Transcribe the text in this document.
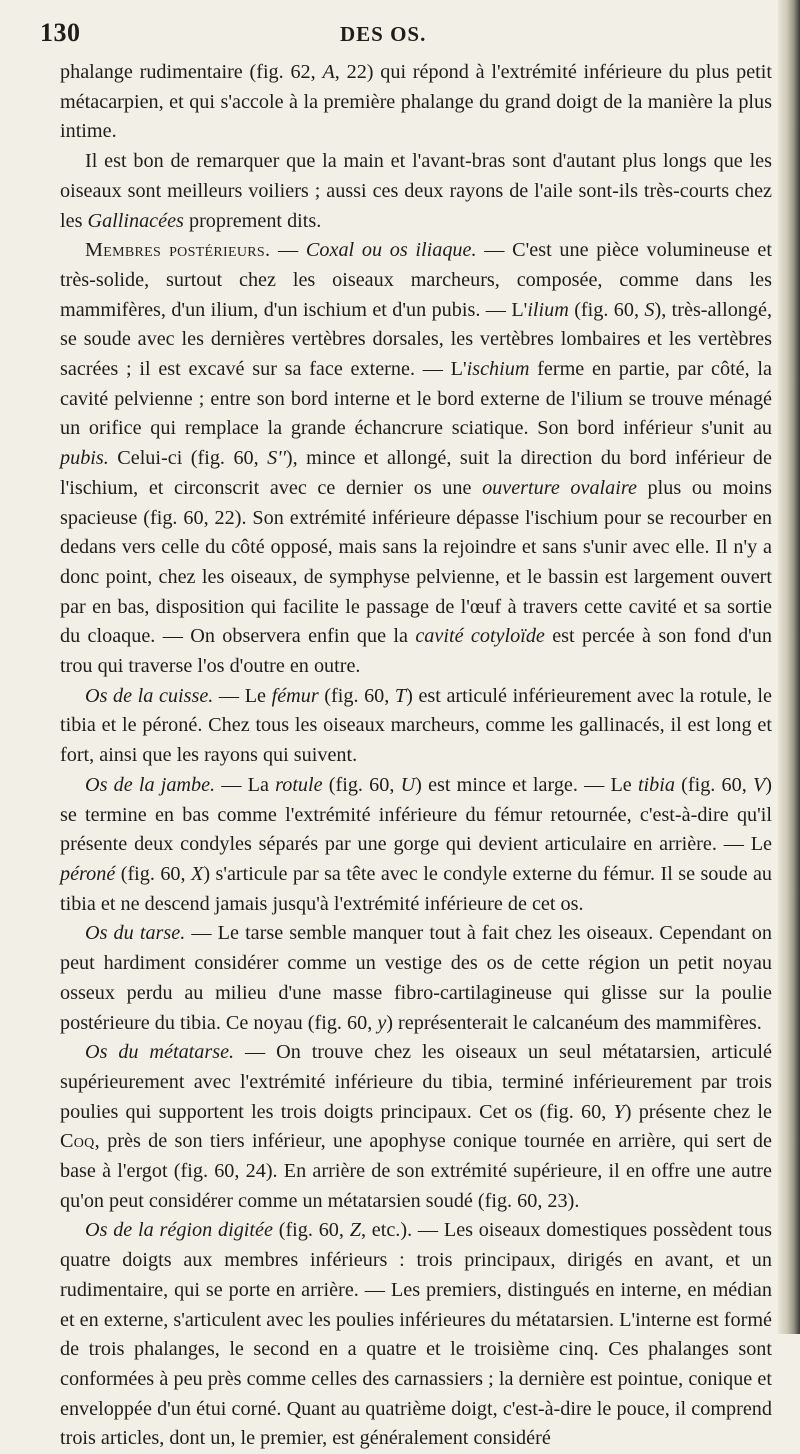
130	DES OS.

phalange rudimentaire (fig. 62, A, 22) qui répond à l'extrémité inférieure du plus petit métacarpien, et qui s'accole à la première phalange du grand doigt de la manière la plus intime.

Il est bon de remarquer que la main et l'avant-bras sont d'autant plus longs que les oiseaux sont meilleurs voiliers ; aussi ces deux rayons de l'aile sont-ils très-courts chez les Gallinacées proprement dits.

Membres postérieurs. — Coxal ou os iliaque. — C'est une pièce volumineuse et très-solide, surtout chez les oiseaux marcheurs, composée, comme dans les mammifères, d'un ilium, d'un ischium et d'un pubis. — L'ilium (fig. 60, S), très-allongé, se soude avec les dernières vertèbres dorsales, les vertèbres lombaires et les vertèbres sacrées ; il est excavé sur sa face externe. — L'ischium ferme en partie, par côté, la cavité pelvienne ; entre son bord interne et le bord externe de l'ilium se trouve ménagé un orifice qui remplace la grande échancrure sciatique. Son bord inférieur s'unit au pubis. Celui-ci (fig. 60, S''), mince et allongé, suit la direction du bord inférieur de l'ischium, et circonscrit avec ce dernier os une ouverture ovalaire plus ou moins spacieuse (fig. 60, 22). Son extrémité inférieure dépasse l'ischium pour se recourber en dedans vers celle du côté opposé, mais sans la rejoindre et sans s'unir avec elle. Il n'y a donc point, chez les oiseaux, de symphyse pelvienne, et le bassin est largement ouvert par en bas, disposition qui facilite le passage de l'œuf à travers cette cavité et sa sortie du cloaque. — On observera enfin que la cavité cotyloïde est percée à son fond d'un trou qui traverse l'os d'outre en outre.

Os de la cuisse. — Le fémur (fig. 60, T) est articulé inférieurement avec la rotule, le tibia et le péroné. Chez tous les oiseaux marcheurs, comme les gallinacés, il est long et fort, ainsi que les rayons qui suivent.

Os de la jambe. — La rotule (fig. 60, U) est mince et large. — Le tibia (fig. 60, V) se termine en bas comme l'extrémité inférieure du fémur retournée, c'est-à-dire qu'il présente deux condyles séparés par une gorge qui devient articulaire en arrière. — Le péroné (fig. 60, X) s'articule par sa tête avec le condyle externe du fémur. Il se soude au tibia et ne descend jamais jusqu'à l'extrémité inférieure de cet os.

Os du tarse. — Le tarse semble manquer tout à fait chez les oiseaux. Cependant on peut hardiment considérer comme un vestige des os de cette région un petit noyau osseux perdu au milieu d'une masse fibro-cartilagineuse qui glisse sur la poulie postérieure du tibia. Ce noyau (fig. 60, y) représenterait le calcanéum des mammifères.

Os du métatarse. — On trouve chez les oiseaux un seul métatarsien, articulé supérieurement avec l'extrémité inférieure du tibia, terminé inférieurement par trois poulies qui supportent les trois doigts principaux. Cet os (fig. 60, Y) présente chez le Coq, près de son tiers inférieur, une apophyse conique tournée en arrière, qui sert de base à l'ergot (fig. 60, 24). En arrière de son extrémité supérieure, il en offre une autre qu'on peut considérer comme un métatarsien soudé (fig. 60, 23).

Os de la région digitée (fig. 60, Z, etc.). — Les oiseaux domestiques possèdent tous quatre doigts aux membres inférieurs : trois principaux, dirigés en avant, et un rudimentaire, qui se porte en arrière. — Les premiers, distingués en interne, en médian et en externe, s'articulent avec les poulies inférieures du métatarsien. L'interne est formé de trois phalanges, le second en a quatre et le troisième cinq. Ces phalanges sont conformées à peu près comme celles des carnassiers ; la dernière est pointue, conique et enveloppée d'un étui corné. Quant au quatrième doigt, c'est-à-dire le pouce, il comprend trois articles, dont un, le premier, est généralement considéré
